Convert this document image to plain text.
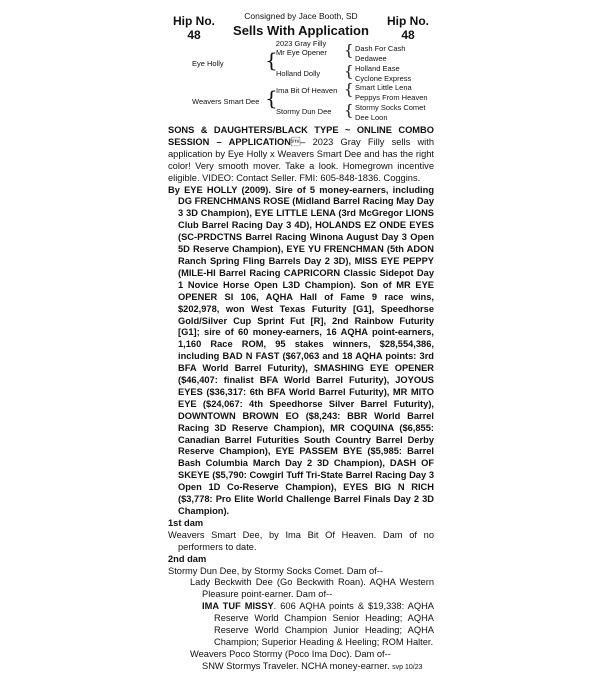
Hip No.
48
Hip No.
48
Consigned by Jace Booth, SD
Sells With Application
2023 Gray Filly
Eye Holly {
Mr Eye Opener
Holland Dolly
{ Dash For Cash
Dedawee
{ Holland Ease
Cyclone Express
Weavers Smart Dee {
Ima Bit Of Heaven
Stormy Dun Dee
{ Smart Little Lena
Peppys From Heaven
{ Stormy Socks Comet
Dee Loon

SONS & DAUGHTERS/BLACK TYPE ~ ONLINE COMBO SESSION – APPLICATION– 2023 Gray Filly sells with application by Eye Holly x Weavers Smart Dee and has the right color! Very smooth mover. Take a look. Homegrown incentive eligible. VIDEO: Contact Seller. FMI: 605-848-1836. Coggins.

By EYE HOLLY (2009). Sire of 5 money-earners, including DG FRENCHMANS ROSE (Midland Barrel Racing May Day 3 3D Champion), EYE LITTLE LENA (3rd McGregor LIONS Club Barrel Racing Day 3 4D), HOLANDS EZ ONDE EYES (SC-PRDCTNS Barrel Racing Winona August Day 3 Open 5D Reserve Champion), EYE YU FRENCHMAN (5th ADON Ranch Spring Fling Barrels Day 2 3D), MISS EYE PEPPY (MILE-HI Barrel Racing CAPRICORN Classic Sidepot Day 1 Novice Horse Open L3D Champion). Son of MR EYE OPENER SI 106, AQHA Hall of Fame 9 race wins, $202,978, won West Texas Futurity [G1], Speedhorse Gold/Silver Cup Sprint Fut [R], 2nd Rainbow Futurity [G1]; sire of 60 money-earners, 16 AQHA point-earners, 1,160 Race ROM, 95 stakes winners, $28,554,386, including BAD N FAST ($67,063 and 18 AQHA points: 3rd BFA World Barrel Futurity), SMASHING EYE OPENER ($46,407: finalist BFA World Barrel Futurity), JOYOUS EYES ($36,317: 6th BFA World Barrel Futurity), MR MITO EYE ($24,067: 4th Speedhorse Silver Barrel Futurity), DOWNTOWN BROWN EO ($8,243: BBR World Barrel Racing 3D Reserve Champion), MR COQUINA ($6,855: Canadian Barrel Futurities South Country Barrel Derby Reserve Champion), EYE PASSEM BYE ($5,985: Barrel Bash Columbia March Day 2 3D Champion), DASH OF SKEYE ($5,790: Cowgirl Tuff Tri-State Barrel Racing Day 3 Open 1D Co-Reserve Champion), EYES BIG N RICH ($3,778: Pro Elite World Challenge Barrel Finals Day 2 3D Champion).

1st dam

Weavers Smart Dee, by Ima Bit Of Heaven. Dam of no performers to date.

2nd dam

Stormy Dun Dee, by Stormy Socks Comet. Dam of--

Lady Beckwith Dee (Go Beckwith Roan). AQHA Western Pleasure point-earner. Dam of--

IMA TUF MISSY. 606 AQHA points & $19,338: AQHA Reserve World Champion Senior Heading; AQHA Reserve World Champion Junior Heading; AQHA Champion; Superior Heading & Heeling; ROM Halter.

Weavers Poco Stormy (Poco Ima Doc). Dam of--

SNW Stormys Traveler. NCHA money-earner. svp 10/23
